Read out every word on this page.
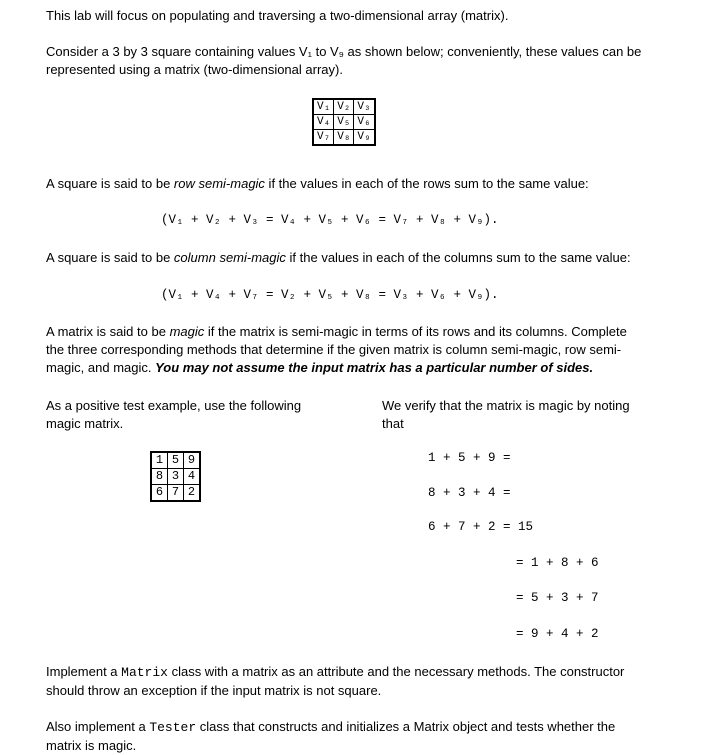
This lab will focus on populating and traversing a two-dimensional array (matrix).
Consider a 3 by 3 square containing values V₁ to V₉ as shown below; conveniently, these values can be
represented using a matrix (two-dimensional array).
V₁	V₂	V₃
V₄	V₅	V₆
V₇	V₈	V₉
A square is said to be row semi-magic if the values in each of the rows sum to the same value:
(V₁ + V₂ + V₃ = V₄ + V₅ + V₆ = V₇ + V₈ + V₉).
A square is said to be column semi-magic if the values in each of the columns sum to the same value:
(V₁ + V₄ + V₇ = V₂ + V₅ + V₈ = V₃ + V₆ + V₉).
A matrix is said to be magic if the matrix is semi-magic in terms of its rows and its columns. Complete
the three corresponding methods that determine if the given matrix is column semi-magic, row semi-
magic, and magic. You may not assume the input matrix has a particular number of sides.
As a positive test example, use the following
magic matrix.
We verify that the matrix is magic by noting
that
1	5	9
8	3	4
6	7	2
1 + 5 + 9 =
8 + 3 + 4 =
6 + 7 + 2 = 15
= 1 + 8 + 6
= 5 + 3 + 7
= 9 + 4 + 2
Implement a Matrix class with a matrix as an attribute and the necessary methods. The constructor
should throw an exception if the input matrix is not square.
Also implement a Tester class that constructs and initializes a Matrix object and tests whether the
matrix is magic.
